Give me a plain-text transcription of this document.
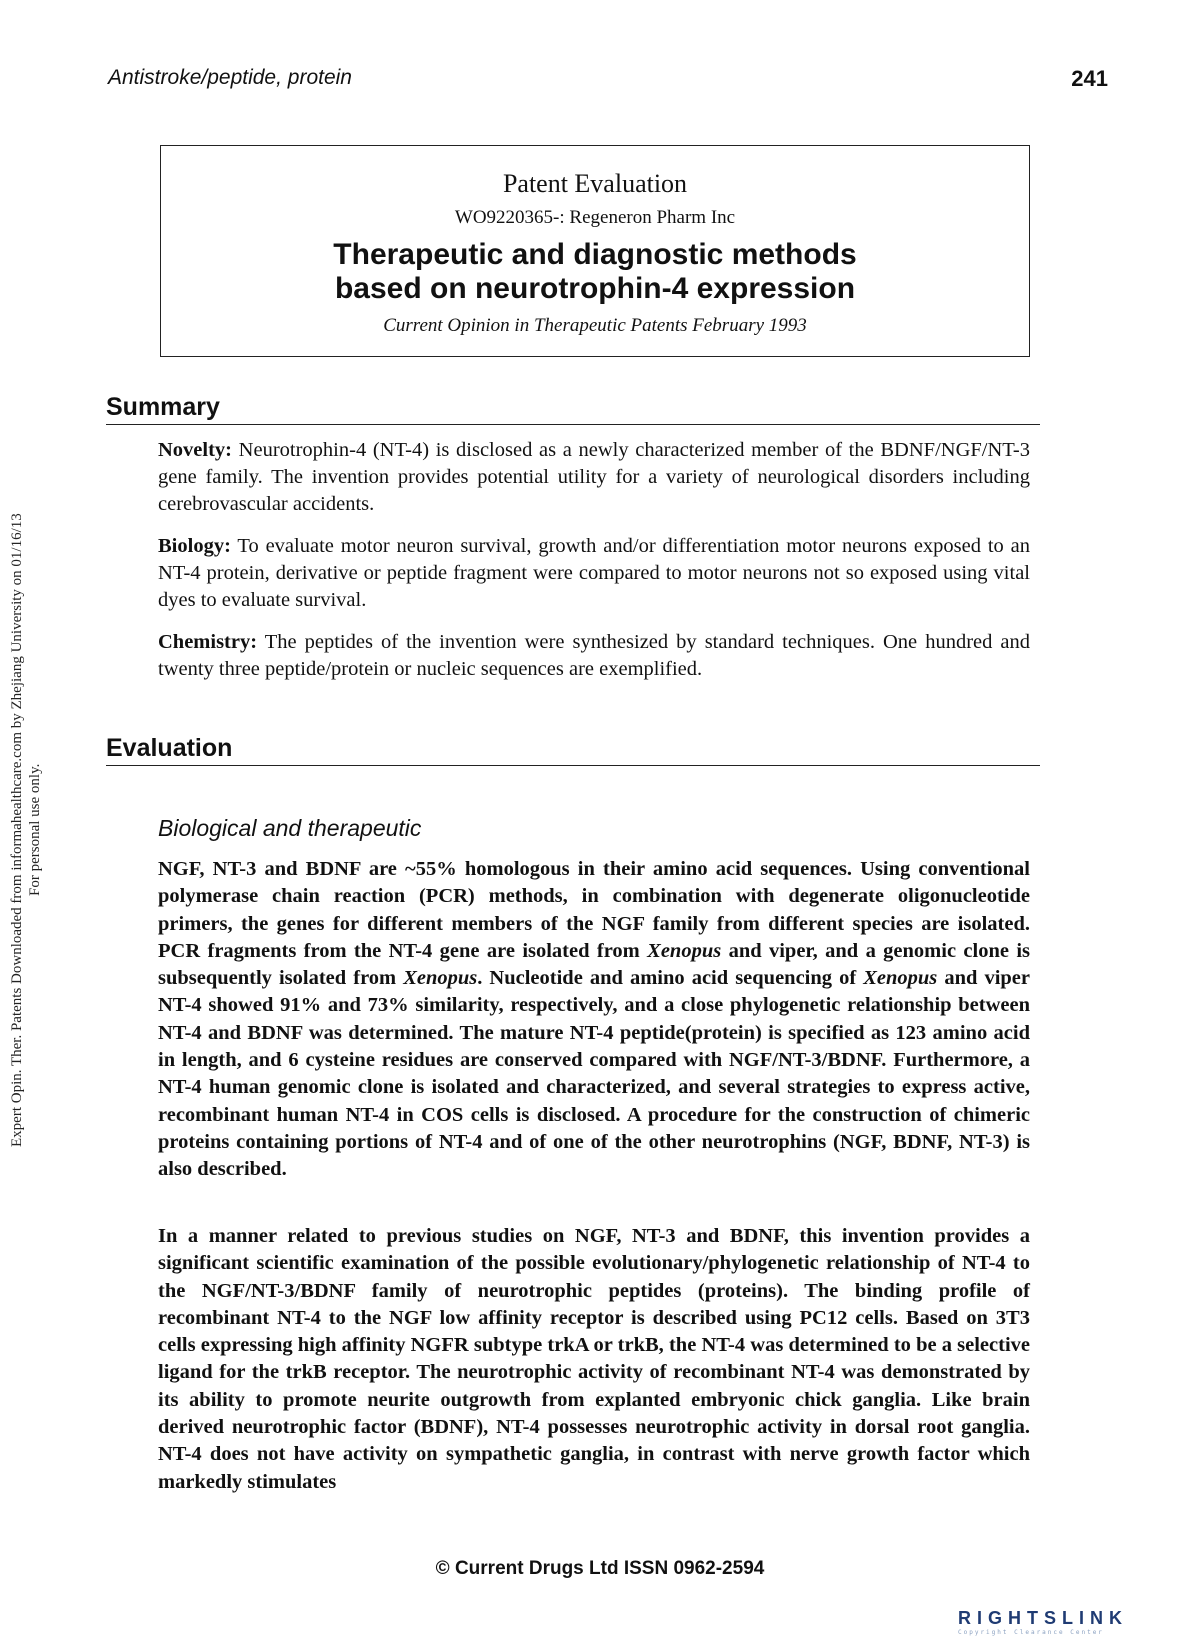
Antistroke/peptide, protein	241
Patent Evaluation
WO9220365-: Regeneron Pharm Inc
Therapeutic and diagnostic methods
based on neurotrophin-4 expression
Current Opinion in Therapeutic Patents February 1993
Summary
Novelty: Neurotrophin-4 (NT-4) is disclosed as a newly characterized member of the BDNF/NGF/NT-3 gene family. The invention provides potential utility for a variety of neurological disorders including cerebrovascular accidents.
Biology: To evaluate motor neuron survival, growth and/or differentiation motor neurons exposed to an NT-4 protein, derivative or peptide fragment were compared to motor neurons not so exposed using vital dyes to evaluate survival.
Chemistry: The peptides of the invention were synthesized by standard techniques. One hundred and twenty three peptide/protein or nucleic sequences are exemplified.
Evaluation
Biological and therapeutic
NGF, NT-3 and BDNF are ~55% homologous in their amino acid sequences. Using conventional polymerase chain reaction (PCR) methods, in combination with degenerate oligonucleotide primers, the genes for different members of the NGF family from different species are isolated. PCR fragments from the NT-4 gene are isolated from Xenopus and viper, and a genomic clone is subsequently isolated from Xenopus. Nucleotide and amino acid sequencing of Xenopus and viper NT-4 showed 91% and 73% similarity, respectively, and a close phylogenetic relationship between NT-4 and BDNF was determined. The mature NT-4 peptide(protein) is specified as 123 amino acid in length, and 6 cysteine residues are conserved compared with NGF/NT-3/BDNF. Furthermore, a NT-4 human genomic clone is isolated and characterized, and several strategies to express active, recombinant human NT-4 in COS cells is disclosed. A procedure for the construction of chimeric proteins containing portions of NT-4 and of one of the other neurotrophins (NGF, BDNF, NT-3) is also described.
In a manner related to previous studies on NGF, NT-3 and BDNF, this invention provides a significant scientific examination of the possible evolutionary/phylogenetic relationship of NT-4 to the NGF/NT-3/BDNF family of neurotrophic peptides (proteins). The binding profile of recombinant NT-4 to the NGF low affinity receptor is described using PC12 cells. Based on 3T3 cells expressing high affinity NGFR subtype trkA or trkB, the NT-4 was determined to be a selective ligand for the trkB receptor. The neurotrophic activity of recombinant NT-4 was demonstrated by its ability to promote neurite outgrowth from explanted embryonic chick ganglia. Like brain derived neurotrophic factor (BDNF), NT-4 possesses neurotrophic activity in dorsal root ganglia. NT-4 does not have activity on sympathetic ganglia, in contrast with nerve growth factor which markedly stimulates
Expert Opin. Ther. Patents Downloaded from informahealthcare.com by Zhejiang University on 01/16/13 For personal use only.
© Current Drugs Ltd ISSN 0962-2594
RIGHTSLINK
Copyright Clearance Center
